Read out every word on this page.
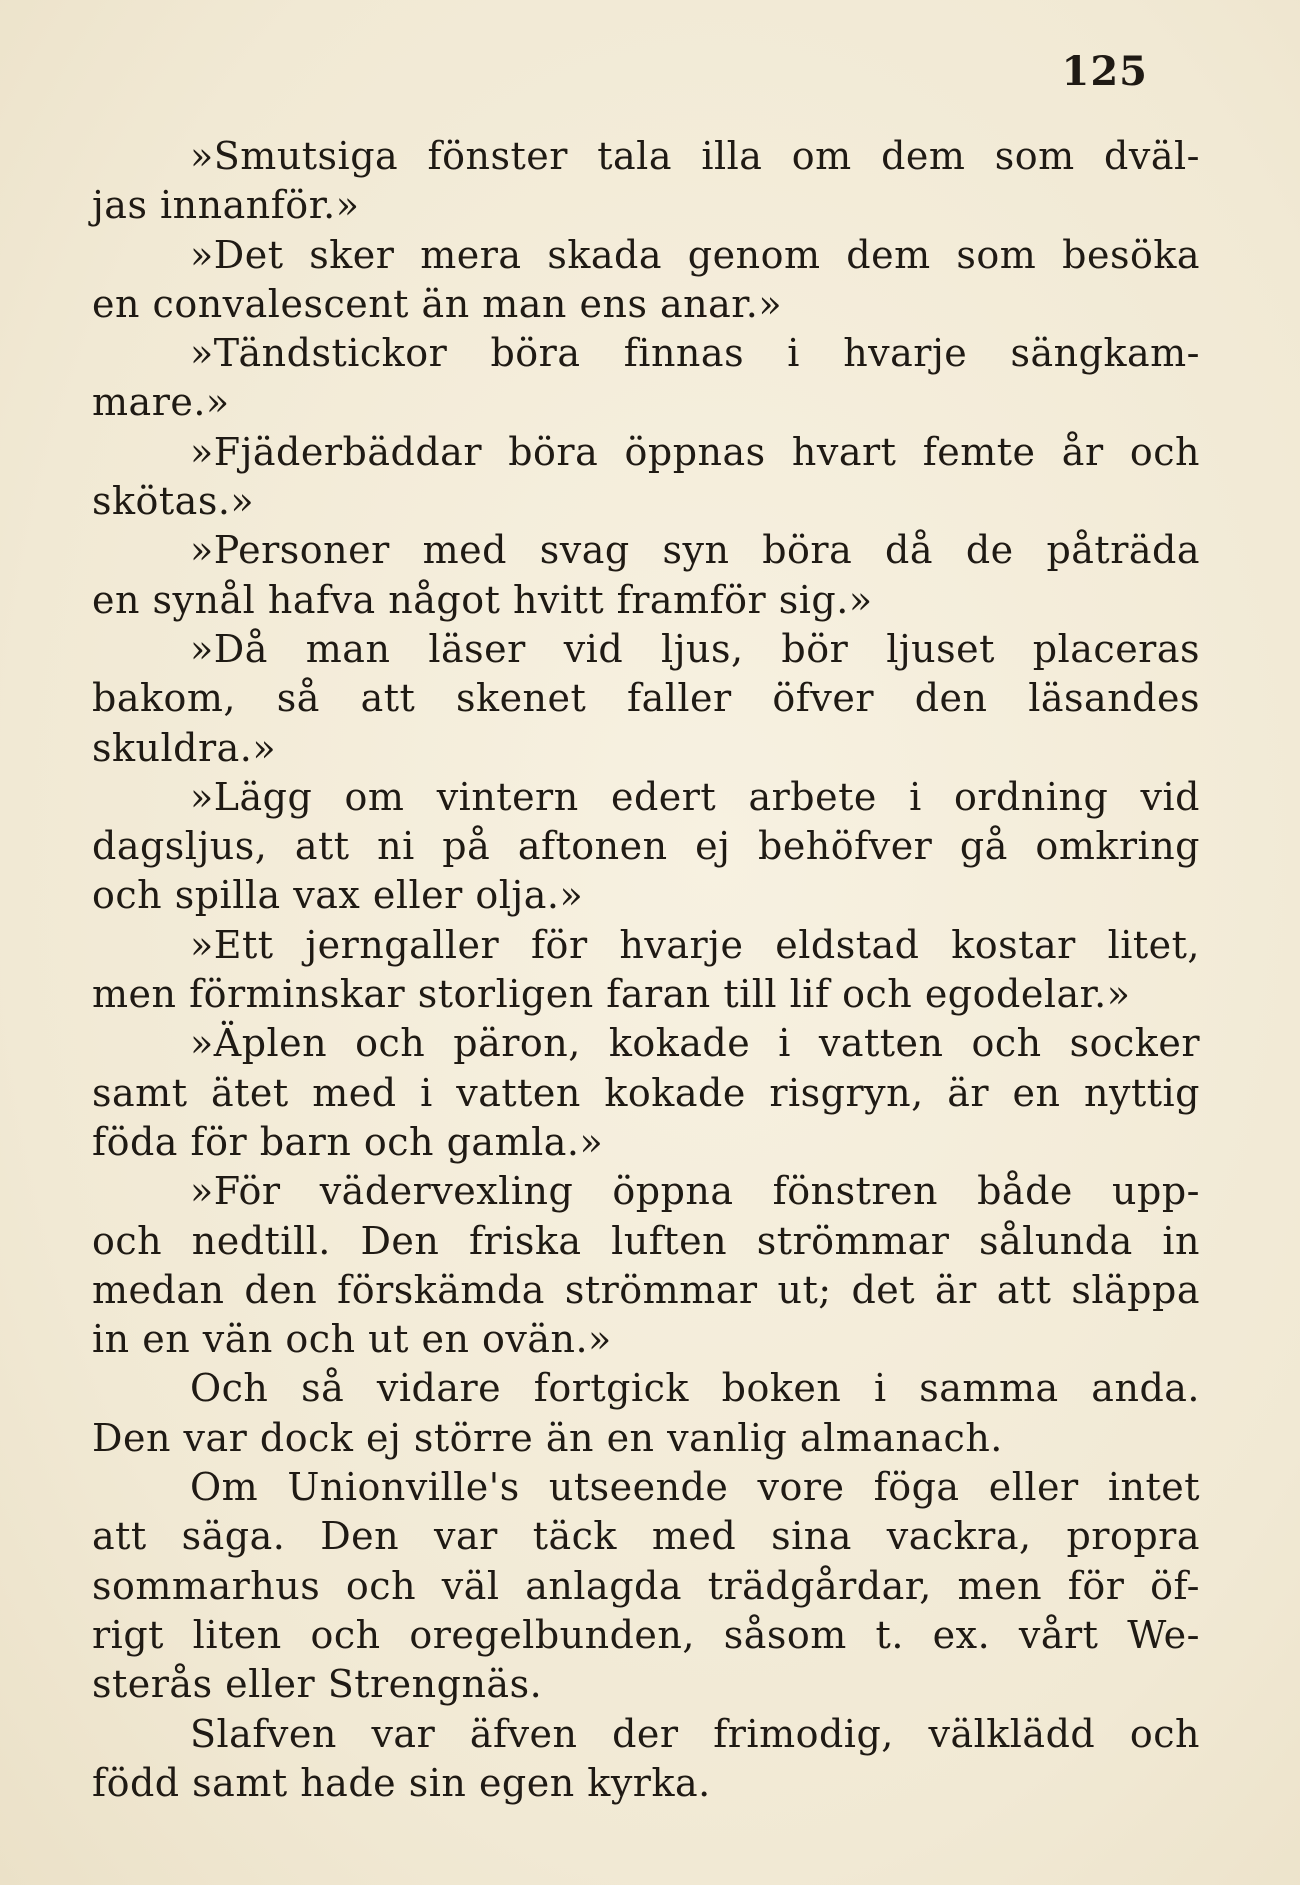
125
»Smutsiga fönster tala illa om dem som dväl-
jas innanför.»
»Det sker mera skada genom dem som besöka
en convalescent än man ens anar.»
»Tändstickor böra finnas i hvarje sängkam-
mare.»
»Fjäderbäddar böra öppnas hvart femte år och
skötas.»
»Personer med svag syn böra då de påträda
en synål hafva något hvitt framför sig.»
»Då man läser vid ljus, bör ljuset placeras
bakom, så att skenet faller öfver den läsandes
skuldra.»
»Lägg om vintern edert arbete i ordning vid
dagsljus, att ni på aftonen ej behöfver gå omkring
och spilla vax eller olja.»
»Ett jerngaller för hvarje eldstad kostar litet,
men förminskar storligen faran till lif och egodelar.»
»Äplen och päron, kokade i vatten och socker
samt ätet med i vatten kokade risgryn, är en nyttig
föda för barn och gamla.»
»För vädervexling öppna fönstren både upp-
och nedtill. Den friska luften strömmar sålunda in
medan den förskämda strömmar ut; det är att släppa
in en vän och ut en ovän.»
Och så vidare fortgick boken i samma anda.
Den var dock ej större än en vanlig almanach.
Om Unionville's utseende vore föga eller intet
att säga. Den var täck med sina vackra, propra
sommarhus och väl anlagda trädgårdar, men för öf-
rigt liten och oregelbunden, såsom t. ex. vårt We-
sterås eller Strengnäs.
Slafven var äfven der frimodig, välklädd och
född samt hade sin egen kyrka.
